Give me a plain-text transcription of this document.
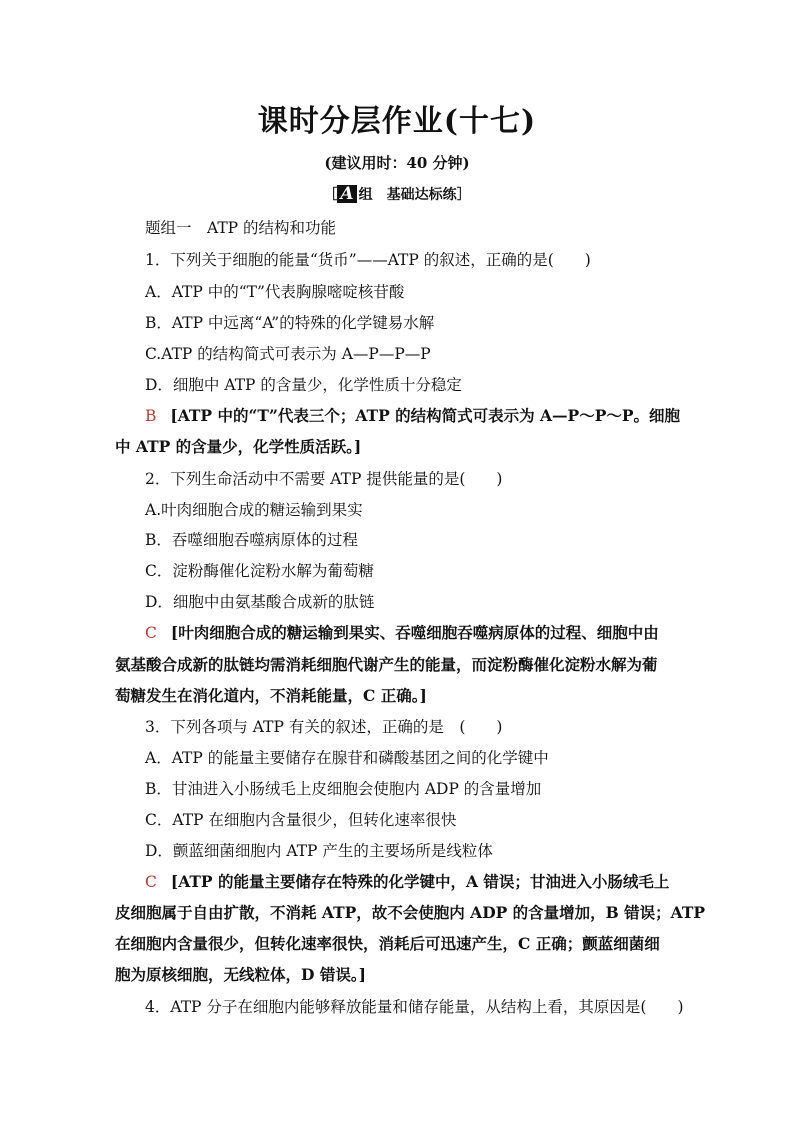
课时分层作业(十七)
(建议用时：40 分钟)
［ A 组　基础达标练］
题组一　ATP 的结构和功能
1．下列关于细胞的能量“货币”——ATP 的叙述，正确的是(　　)
A．ATP 中的“T”代表胸腺嘧啶核苷酸
B．ATP 中远离“A”的特殊的化学键易水解
C.ATP 的结构简式可表示为 A—P—P—P
D．细胞中 ATP 的含量少，化学性质十分稳定
B [ATP 中的“T”代表三个；ATP 的结构简式可表示为 A—P～P～P。细胞
中 ATP 的含量少，化学性质活跃。]
2．下列生命活动中不需要 ATP 提供能量的是(　　)
A.叶肉细胞合成的糖运输到果实
B．吞噬细胞吞噬病原体的过程
C．淀粉酶催化淀粉水解为葡萄糖
D．细胞中由氨基酸合成新的肽链
C [叶肉细胞合成的糖运输到果实、吞噬细胞吞噬病原体的过程、细胞中由
氨基酸合成新的肽链均需消耗细胞代谢产生的能量，而淀粉酶催化淀粉水解为葡
萄糖发生在消化道内，不消耗能量，C 正确。]
3．下列各项与 ATP 有关的叙述，正确的是　(　　)
A．ATP 的能量主要储存在腺苷和磷酸基团之间的化学键中
B．甘油进入小肠绒毛上皮细胞会使胞内 ADP 的含量增加
C．ATP 在细胞内含量很少，但转化速率很快
D．颤蓝细菌细胞内 ATP 产生的主要场所是线粒体
C [ATP 的能量主要储存在特殊的化学键中，A 错误；甘油进入小肠绒毛上
皮细胞属于自由扩散，不消耗 ATP，故不会使胞内 ADP 的含量增加，B 错误；ATP
在细胞内含量很少，但转化速率很快，消耗后可迅速产生，C 正确；颤蓝细菌细
胞为原核细胞，无线粒体，D 错误。]
4．ATP 分子在细胞内能够释放能量和储存能量，从结构上看，其原因是(　　)
